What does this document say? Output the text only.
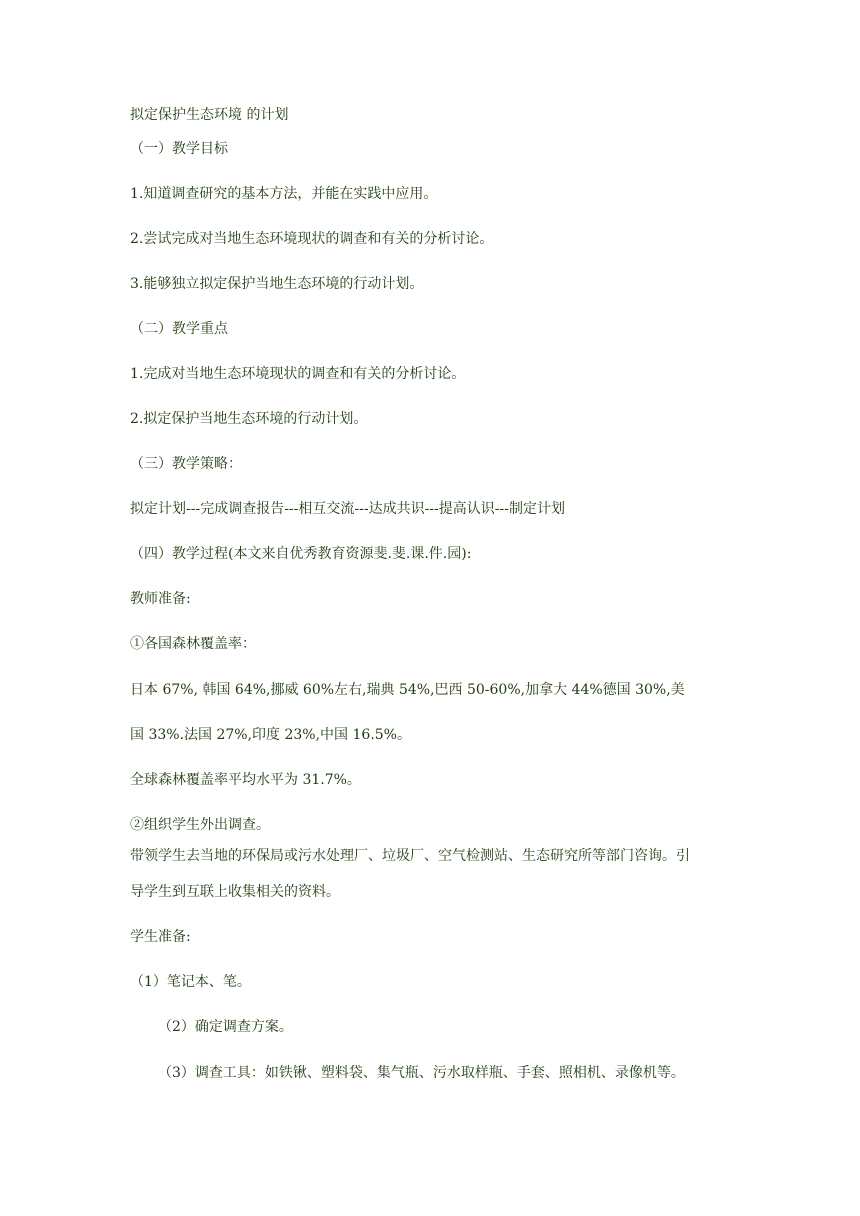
拟定保护生态环境 的计划
（一）教学目标
1.知道调查研究的基本方法，并能在实践中应用。
2.尝试完成对当地生态环境现状的调查和有关的分析讨论。
3.能够独立拟定保护当地生态环境的行动计划。
（二）教学重点
1.完成对当地生态环境现状的调查和有关的分析讨论。
2.拟定保护当地生态环境的行动计划。
（三）教学策略：
拟定计划---完成调查报告---相互交流---达成共识---提高认识---制定计划
（四）教学过程(本文来自优秀教育资源斐.斐.课.件.园):
教师准备:
①各国森林覆盖率：
日本 67%, 韩国 64%,挪威 60%左右,瑞典 54%,巴西 50-60%,加拿大 44%德国 30%,美
国 33%.法国 27%,印度 23%,中国 16.5%。
全球森林覆盖率平均水平为 31.7%。
②组织学生外出调查。
带领学生去当地的环保局或污水处理厂、垃圾厂、空气检测站、生态研究所等部门咨询。引
导学生到互联上收集相关的资料。
学生准备:
（1）笔记本、笔。
（2）确定调查方案。
（3）调查工具：如铁锹、塑料袋、集气瓶、污水取样瓶、手套、照相机、录像机等。
